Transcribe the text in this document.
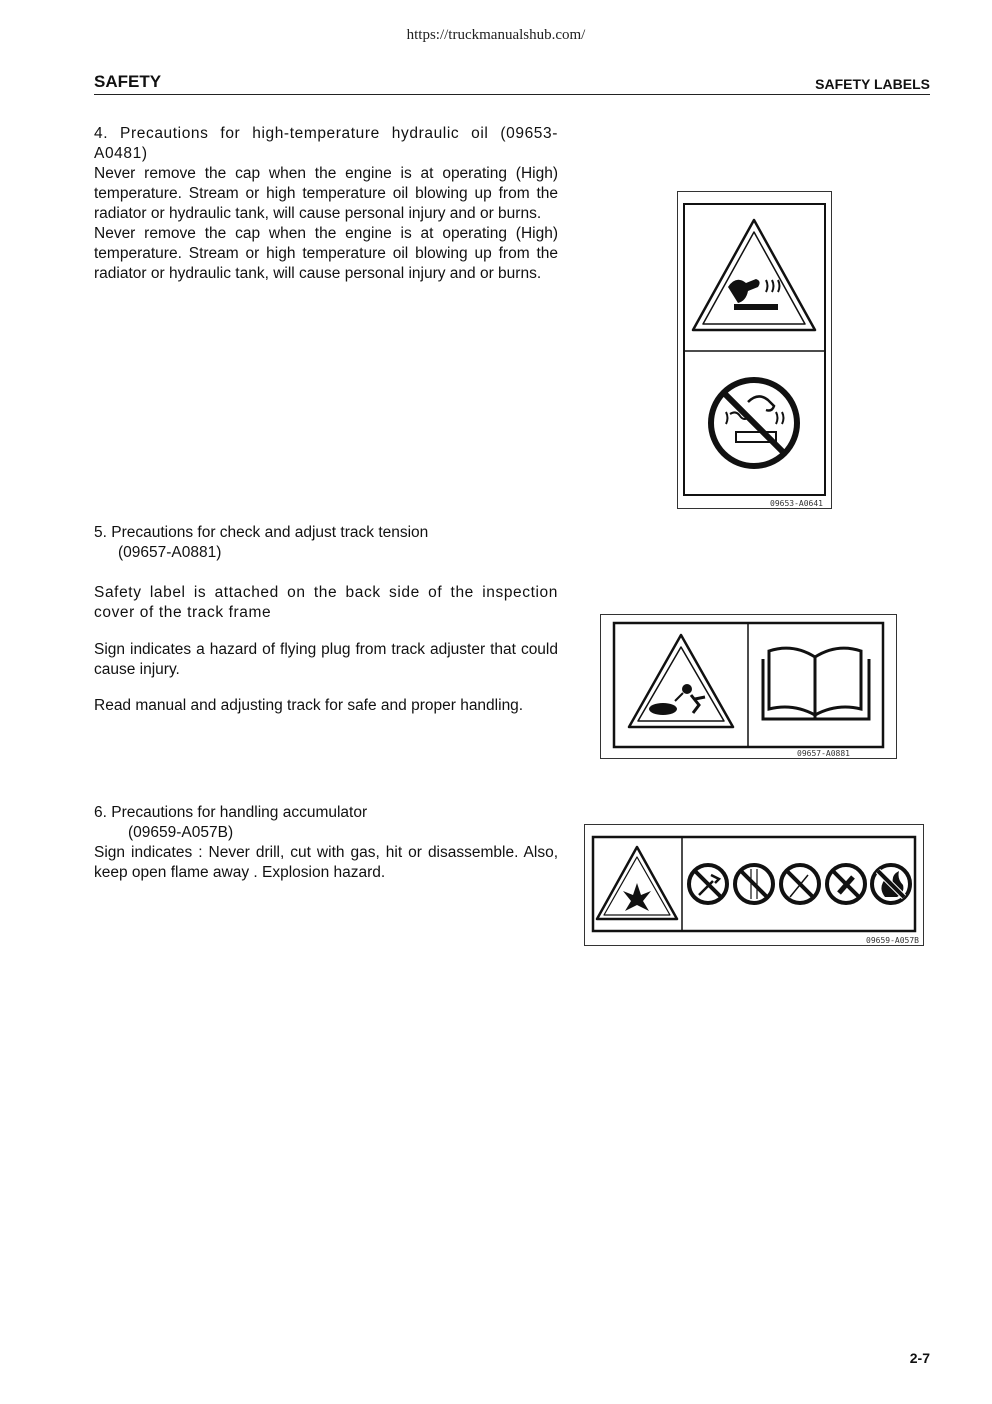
https://truckmanualshub.com/
SAFETY	SAFETY LABELS

4. Precautions for high-temperature hydraulic oil (09653-A0481)

Never remove the cap when the engine is at operating (High) temperature. Stream or high temperature oil blowing up from the radiator or hydraulic tank, will cause personal injury and or burns.

Never remove the cap when the engine is at operating (High) temperature. Stream or high temperature oil blowing up from the radiator or hydraulic tank, will cause personal injury and or burns.

09653-A0641

5. Precautions for check and adjust track tension

(09657-A0881)

Safety label is attached on the back side of the inspection cover of the track frame

Sign indicates a hazard of flying plug from track adjuster that could cause injury.

Read manual and adjusting track for safe and proper handling.

09657-A0881

6. Precautions for handling accumulator

(09659-A057B)

Sign indicates : Never drill, cut with gas, hit or disassemble. Also, keep open flame away . Explosion hazard.

09659-A057B
2-7
